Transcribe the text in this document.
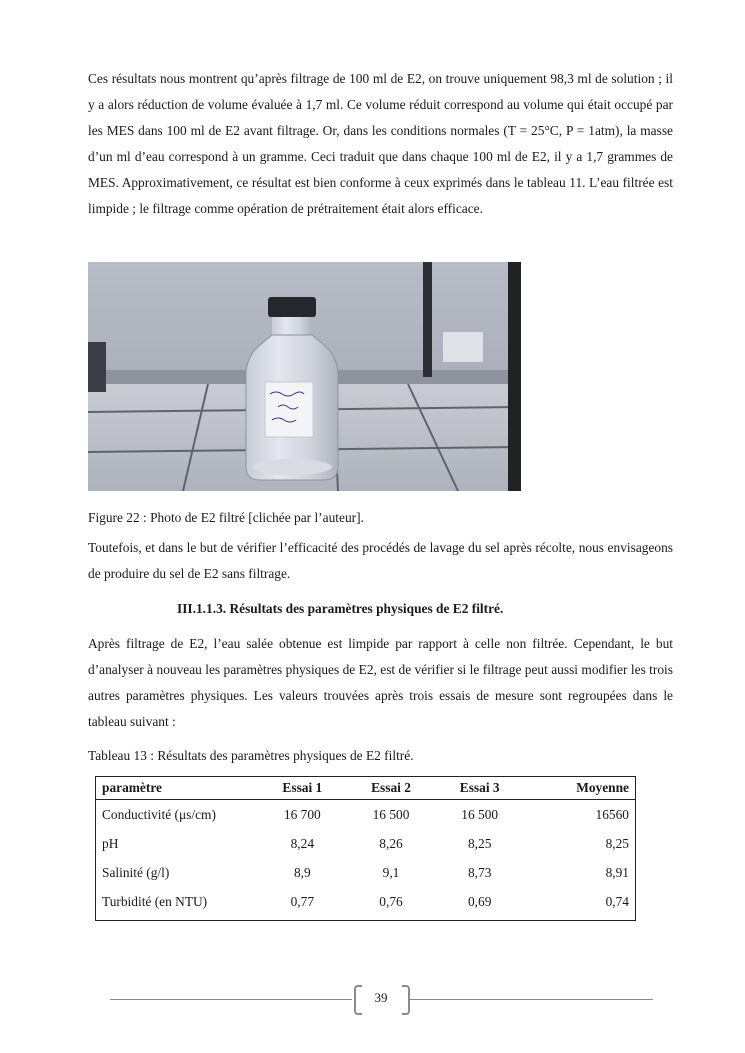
Ces résultats nous montrent qu’après filtrage de 100 ml de E2, on trouve uniquement 98,3 ml de solution ; il y a alors réduction de volume évaluée à 1,7 ml. Ce volume réduit correspond au volume qui était occupé par les MES dans 100 ml de E2 avant filtrage. Or, dans les conditions normales (T = 25°C, P = 1atm), la masse d’un ml d’eau correspond à un gramme. Ceci traduit que dans chaque 100 ml de E2, il y a 1,7 grammes de MES. Approximativement, ce résultat est bien conforme à ceux exprimés dans le tableau 11. L’eau filtrée est limpide ; le filtrage comme opération de prétraitement était alors efficace.

Figure 22 : Photo de E2 filtré [clichée par l’auteur].

Toutefois, et dans le but de vérifier l’efficacité des procédés de lavage du sel après récolte, nous envisageons de produire du sel de E2 sans filtrage.

III.1.1.3. Résultats des paramètres physiques de E2 filtré.

Après filtrage de E2, l’eau salée obtenue est limpide par rapport à celle non filtrée. Cependant, le but d’analyser à nouveau les paramètres physiques de E2, est de vérifier si le filtrage peut aussi modifier les trois autres paramètres physiques. Les valeurs trouvées après trois essais de mesure sont regroupées dans le tableau suivant :

Tableau 13 : Résultats des paramètres physiques de E2 filtré.
paramètre	Essai 1	Essai 2	Essai 3	Moyenne
Conductivité (μs/cm)	16 700	16 500	16 500	16560
pH	8,24	8,26	8,25	8,25
Salinité (g/l)	8,9	9,1	8,73	8,91
Turbidité (en NTU)	0,77	0,76	0,69	0,74
39
